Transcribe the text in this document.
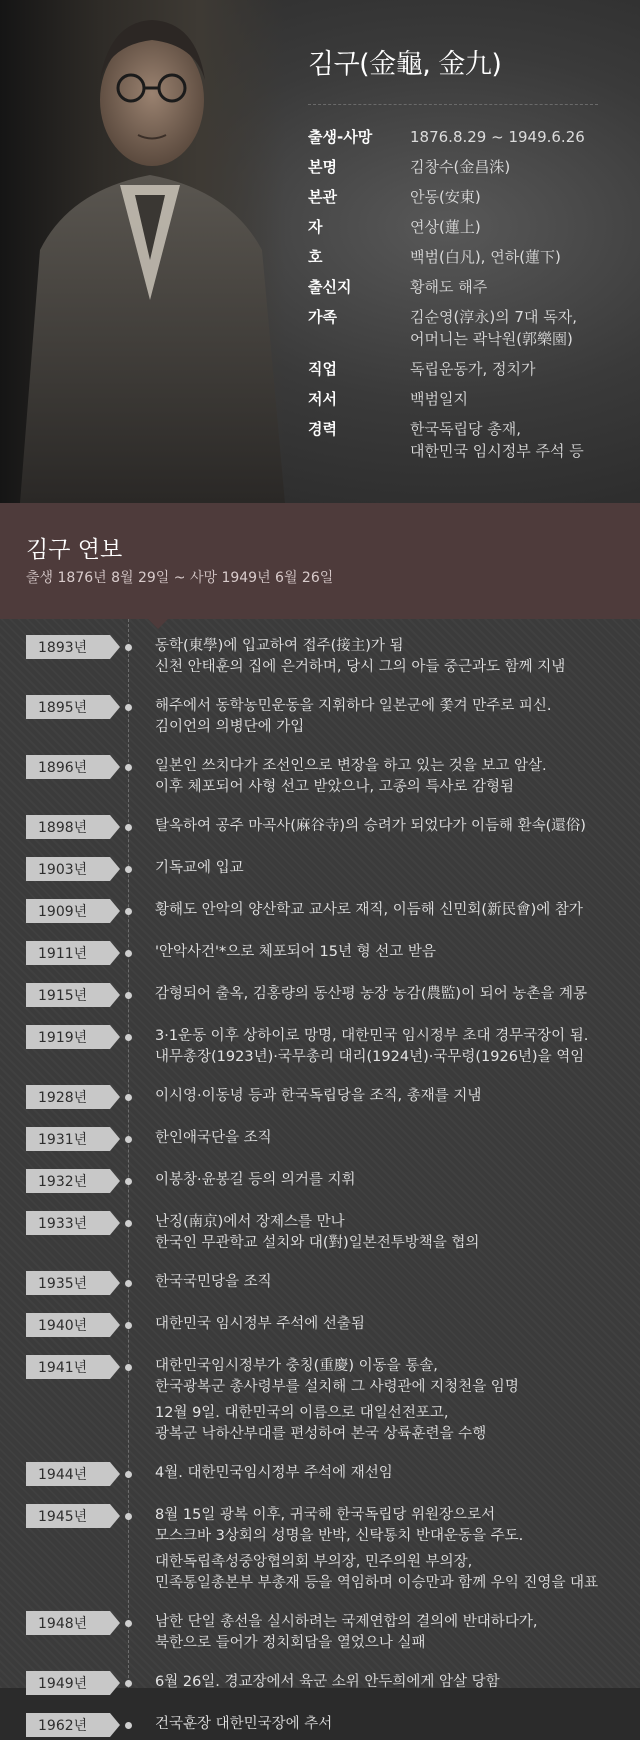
김구(金龜, 金九)
출생-사망	1876.8.29 ~ 1949.6.26
본명	김창수(金昌洙)
본관	안동(安東)
자	연상(蓮上)
호	백범(白凡), 연하(蓮下)
출신지	황해도 해주
가족	김순영(淳永)의 7대 독자,
어머니는 곽낙원(郭樂園)
직업	독립운동가, 정치가
저서	백범일지
경력	한국독립당 총재,
대한민국 임시정부 주석 등
김구 연보
출생 1876년 8월 29일 ~ 사망 1949년 6월 26일
1893년	동학(東學)에 입교하여 접주(接主)가 됨
신천 안태훈의 집에 은거하며, 당시 그의 아들 중근과도 함께 지냄

1895년	해주에서 동학농민운동을 지휘하다 일본군에 쫓겨 만주로 피신.
김이언의 의병단에 가입

1896년	일본인 쓰치다가 조선인으로 변장을 하고 있는 것을 보고 암살.
이후 체포되어 사형 선고 받았으나, 고종의 특사로 감형됨

1898년	탈옥하여 공주 마곡사(麻谷寺)의 승려가 되었다가 이듬해 환속(還俗)

1903년	기독교에 입교

1909년	황해도 안악의 양산학교 교사로 재직, 이듬해 신민회(新民會)에 참가

1911년	'안악사건'*으로 체포되어 15년 형 선고 받음

1915년	감형되어 출옥, 김홍량의 동산평 농장 농감(農監)이 되어 농촌을 계몽

1919년	3·1운동 이후 상하이로 망명, 대한민국 임시정부 초대 경무국장이 됨.
내무총장(1923년)·국무총리 대리(1924년)·국무령(1926년)을 역임

1928년	이시영·이동녕 등과 한국독립당을 조직, 총재를 지냄

1931년	한인애국단을 조직

1932년	이봉창·윤봉길 등의 의거를 지휘

1933년	난징(南京)에서 장제스를 만나
한국인 무관학교 설치와 대(對)일본전투방책을 협의

1935년	한국국민당을 조직

1940년	대한민국 임시정부 주석에 선출됨

1941년	대한민국임시정부가 충칭(重慶) 이동을 통솔,
한국광복군 총사령부를 설치해 그 사령관에 지청천을 임명

12월 9일. 대한민국의 이름으로 대일선전포고,
광복군 낙하산부대를 편성하여 본국 상륙훈련을 수행

1944년	4월. 대한민국임시정부 주석에 재선임

1945년	8월 15일 광복 이후, 귀국해 한국독립당 위원장으로서
모스크바 3상회의 성명을 반박, 신탁통치 반대운동을 주도.

대한독립촉성중앙협의회 부의장, 민주의원 부의장,
민족통일총본부 부총재 등을 역임하며 이승만과 함께 우익 진영을 대표

1948년	남한 단일 총선을 실시하려는 국제연합의 결의에 반대하다가,
북한으로 들어가 정치회담을 열었으나 실패

1949년	6월 26일. 경교장에서 육군 소위 안두희에게 암살 당함

1962년	건국훈장 대한민국장에 추서
